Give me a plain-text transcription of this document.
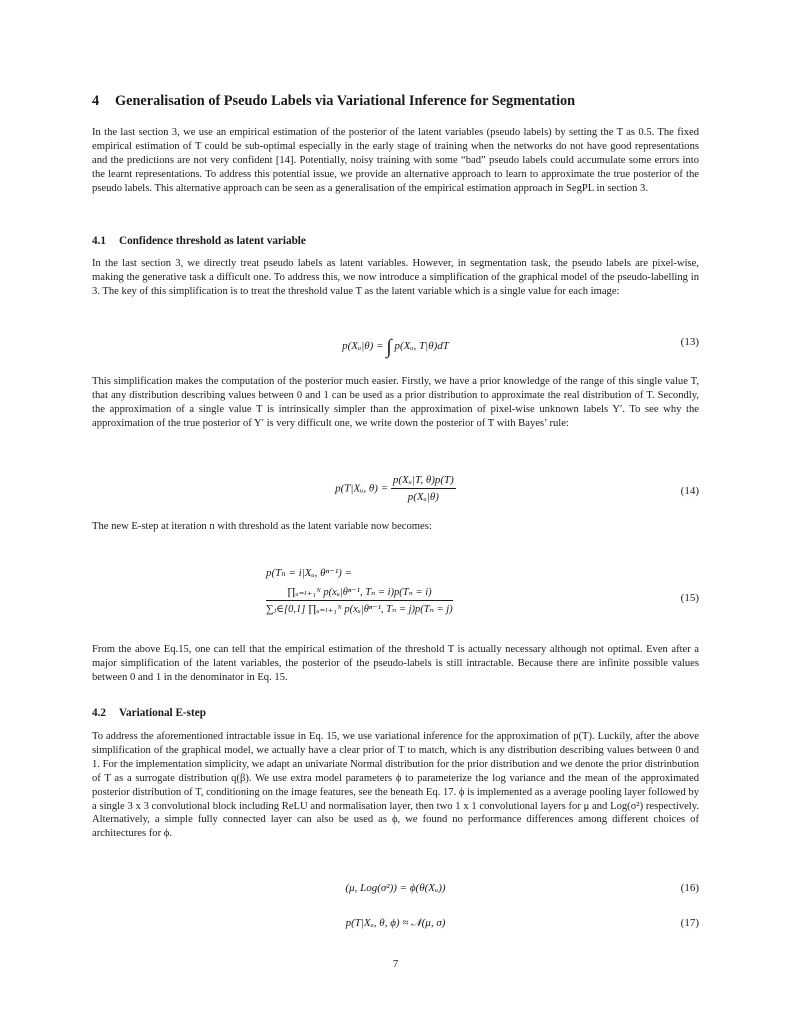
4 Generalisation of Pseudo Labels via Variational Inference for Segmentation

In the last section 3, we use an empirical estimation of the posterior of the latent variables (pseudo labels) by setting the T as 0.5. The fixed empirical estimation of T could be sub-optimal especially in the early stage of training when the networks do not have good representations and the predictions are not very confident [14]. Potentially, noisy training with some “bad” pseudo labels could accumulate some errors into the learnt representations. To address this potential issue, we provide an alternative approach to learn to approximate the true posterior of the pseudo labels. This alternative approach can be seen as a generalisation of the empirical estimation approach in SegPL in section 3.

4.1 Confidence threshold as latent variable

In the last section 3, we directly treat pseudo labels as latent variables. However, in segmentation task, the pseudo labels are pixel-wise, making the generative task a difficult one. To address this, we now introduce a simplification of the graphical model of the pseudo-labelling in 3. The key of this simplification is to treat the threshold value T as the latent variable which is a single value for each image:

p(Xᵤ|θ) = ∫ p(Xᵤ, T|θ)dT	(13)

This simplification makes the computation of the posterior much easier. Firstly, we have a prior knowledge of the range of this single value T, that any distribution describing values between 0 and 1 can be used as a prior distribution to approximate the real distribution of T. Secondly, the approximation of a single value T is intrinsically simpler than the approximation of pixel-wise unknown labels Y′. To see why the approximation of the true posterior of Y′ is very difficult one, we write down the posterior of T with Bayes’ rule:

p(T|Xᵤ, $\theta) = \frac{\text{p(Xᵤ|T, θ)p(T)}}{\text{p(Xᵤ|θ)}}$	(14)

The new E-step at iteration n with threshold as the latent variable now becomes:

p(Tₙ = i|Xᵤ, θⁿ⁻¹) =
$\frac{\text{∏ᵤ₌ₗ₊₁ᴺ p(xᵤ|θⁿ⁻¹, Tₙ = i)p(Tₙ = i)}}{\text{∑ⱼ∈[0,1] ∏ᵤ₌ₗ₊₁ᴺ p(xᵤ|θⁿ⁻¹, Tₙ = j)p(Tₙ = j)}}$	(15)

From the above Eq.15, one can tell that the empirical estimation of the threshold T is actually necessary although not optimal. Even after a major simplification of the latent variables, the posterior of the pseudo-labels is still intractable. Because there are infinite possible values between 0 and 1 in the denominator in Eq. 15.

4.2 Variational E-step

To address the aforementioned intractable issue in Eq. 15, we use variational inference for the approximation of p(T). Luckily, after the above simplification of the graphical model, we actually have a clear prior of T to match, which is any distribution describing values between 0 and 1. For the implementation simplicity, we adapt an univariate Normal distribution for the prior distribution and we denote the prior distrinbution of T as a surrogate distribution q(β). We use extra model parameters ϕ to parameterize the log variance and the mean of the approximated posterior distribution of T, conditioning on the image features, see the beneath Eq. 17. ϕ is implemented as a average pooling layer followed by a single 3 x 3 convolutional block including ReLU and normalisation layer, then two 1 x 1 convolutional layers for μ and Log(σ²) respectively. Alternatively, a simple fully connected layer can also be used as ϕ, we found no performance differences among different choices of architectures for ϕ.

(μ, Log(σ²)) = ϕ(θ(Xᵤ))	(16)
p(T|Xᵤ, θ, ϕ) ≈ 𝒩(μ, σ)	(17)
7
